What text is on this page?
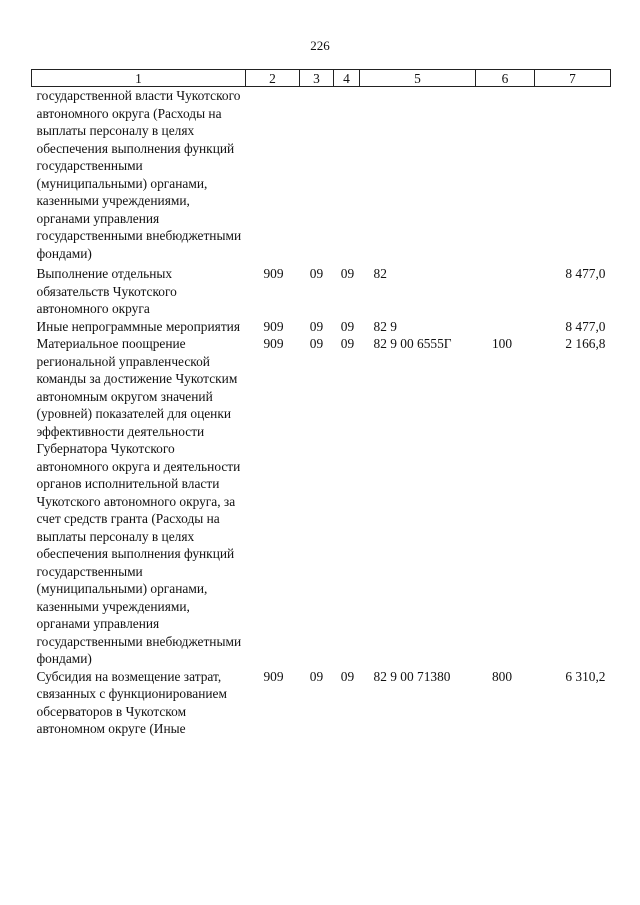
226
1	2	3	4	5	6	7
государственной власти Чукотского автономного округа (Расходы на выплаты персоналу в целях обеспечения выполнения функций государственными (муниципальными) органами, казенными учреждениями, органами управления государственными внебюджетными фондами)						

Выполнение отдельных обязательств Чукотского автономного округа	909	09	09	82		8 477,0
Иные непрограммные мероприятия	909	09	09	82 9		8 477,0
Материальное поощрение региональной управленческой команды за достижение Чукотским автономным округом значений (уровней) показателей для оценки эффективности деятельности Губернатора Чукотского автономного округа и деятельности органов исполнительной власти Чукотского автономного округа, за счет средств гранта (Расходы на выплаты персоналу в целях обеспечения выполнения функций государственными (муниципальными) органами, казенными учреждениями, органами управления государственными внебюджетными фондами)	909	09	09	82 9 00 6555Г	100	2 166,8
Субсидия на возмещение затрат, связанных с функционированием обсерваторов в Чукотском автономном округе (Иные	909	09	09	82 9 00 71380	800	6 310,2
